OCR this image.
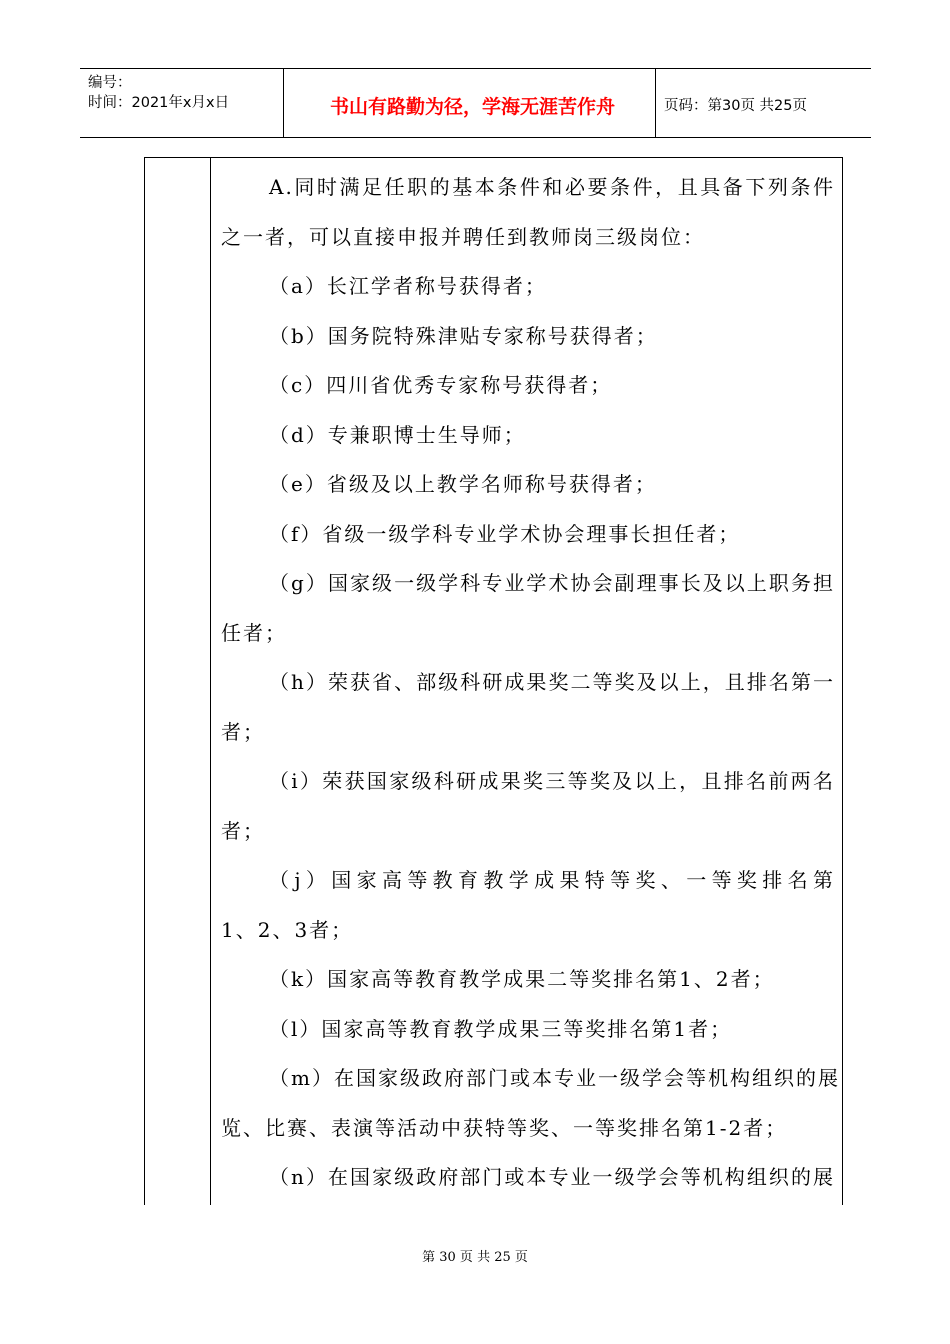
编号：
时间：2021年x月x日	书山有路勤为径，学海无涯苦作舟	页码：第30页 共25页
A.同时满足任职的基本条件和必要条件，且具备下列条件
之一者，可以直接申报并聘任到教师岗三级岗位：
（a）长江学者称号获得者；
（b）国务院特殊津贴专家称号获得者；
（c）四川省优秀专家称号获得者；
（d）专兼职博士生导师；
（e）省级及以上教学名师称号获得者；
（f）省级一级学科专业学术协会理事长担任者；
（g）国家级一级学科专业学术协会副理事长及以上职务担
任者；
（h）荣获省、部级科研成果奖二等奖及以上，且排名第一
者；
（i）荣获国家级科研成果奖三等奖及以上，且排名前两名
者；
（j）国家高等教育教学成果特等奖、一等奖排名第
1、2、3者；
（k）国家高等教育教学成果二等奖排名第1、2者；
（l）国家高等教育教学成果三等奖排名第1者；
（m）在国家级政府部门或本专业一级学会等机构组织的展
览、比赛、表演等活动中获特等奖、一等奖排名第1-2者；
（n）在国家级政府部门或本专业一级学会等机构组织的展
第 30 页 共 25 页
